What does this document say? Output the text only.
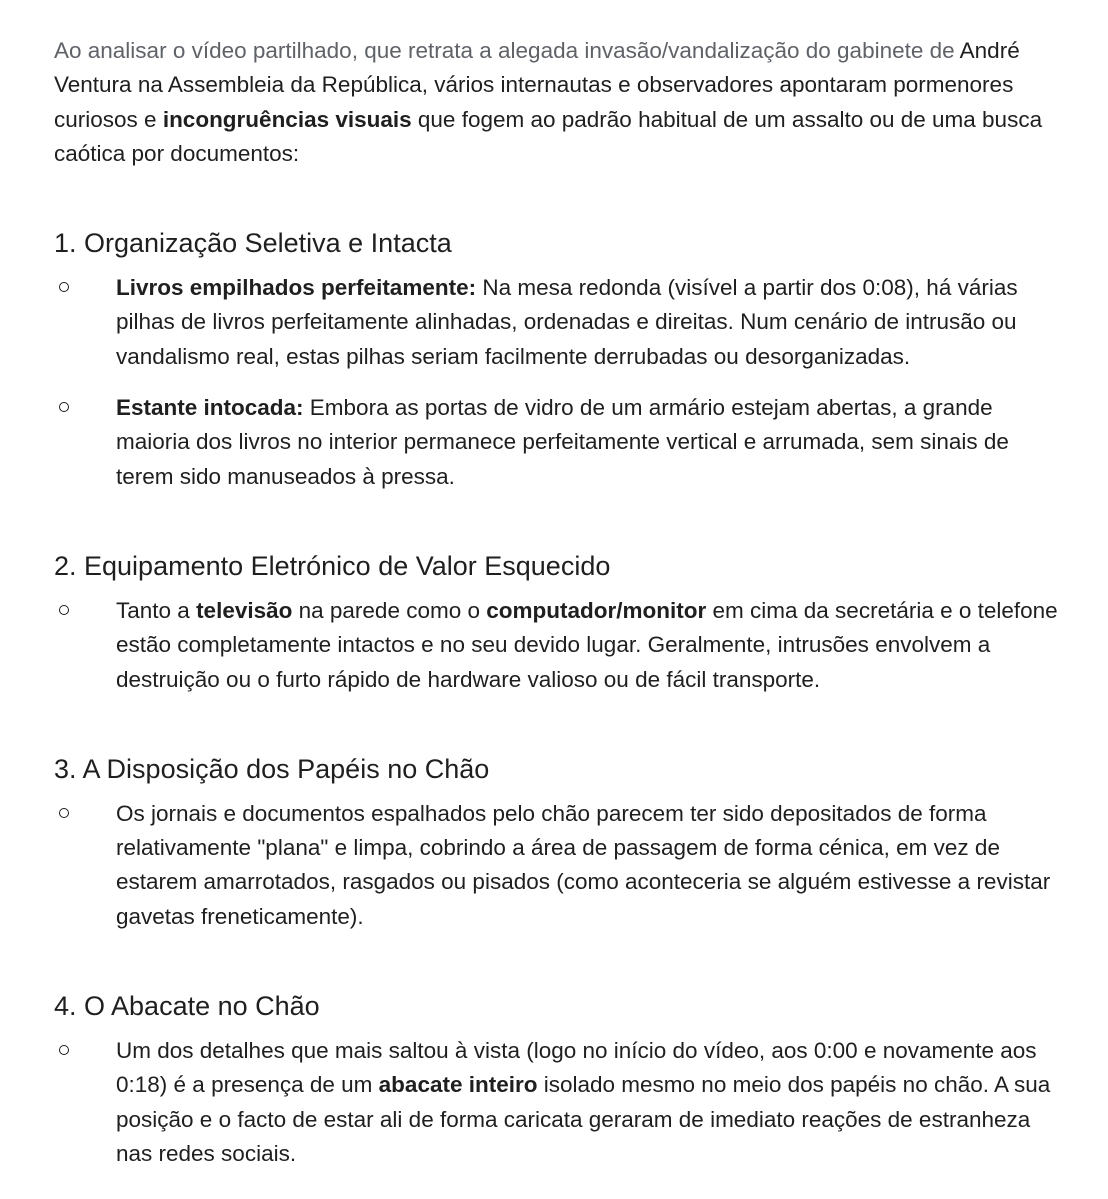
Ao analisar o vídeo partilhado, que retrata a alegada invasão/vandalização do gabinete de André Ventura na Assembleia da República, vários internautas e observadores apontaram pormenores curiosos e incongruências visuais que fogem ao padrão habitual de um assalto ou de uma busca caótica por documentos:

1. Organização Seletiva e Intacta
Livros empilhados perfeitamente: Na mesa redonda (visível a partir dos 0:08), há várias pilhas de livros perfeitamente alinhadas, ordenadas e direitas. Num cenário de intrusão ou vandalismo real, estas pilhas seriam facilmente derrubadas ou desorganizadas.
Estante intocada: Embora as portas de vidro de um armário estejam abertas, a grande maioria dos livros no interior permanece perfeitamente vertical e arrumada, sem sinais de terem sido manuseados à pressa.
2. Equipamento Eletrónico de Valor Esquecido
Tanto a televisão na parede como o computador/monitor em cima da secretária e o telefone estão completamente intactos e no seu devido lugar. Geralmente, intrusões envolvem a destruição ou o furto rápido de hardware valioso ou de fácil transporte.
3. A Disposição dos Papéis no Chão
Os jornais e documentos espalhados pelo chão parecem ter sido depositados de forma relativamente "plana" e limpa, cobrindo a área de passagem de forma cénica, em vez de estarem amarrotados, rasgados ou pisados (como aconteceria se alguém estivesse a revistar gavetas freneticamente).
4. O Abacate no Chão
Um dos detalhes que mais saltou à vista (logo no início do vídeo, aos 0:00 e novamente aos 0:18) é a presença de um abacate inteiro isolado mesmo no meio dos papéis no chão. A sua posição e o facto de estar ali de forma caricata geraram de imediato reações de estranheza nas redes sociais.
